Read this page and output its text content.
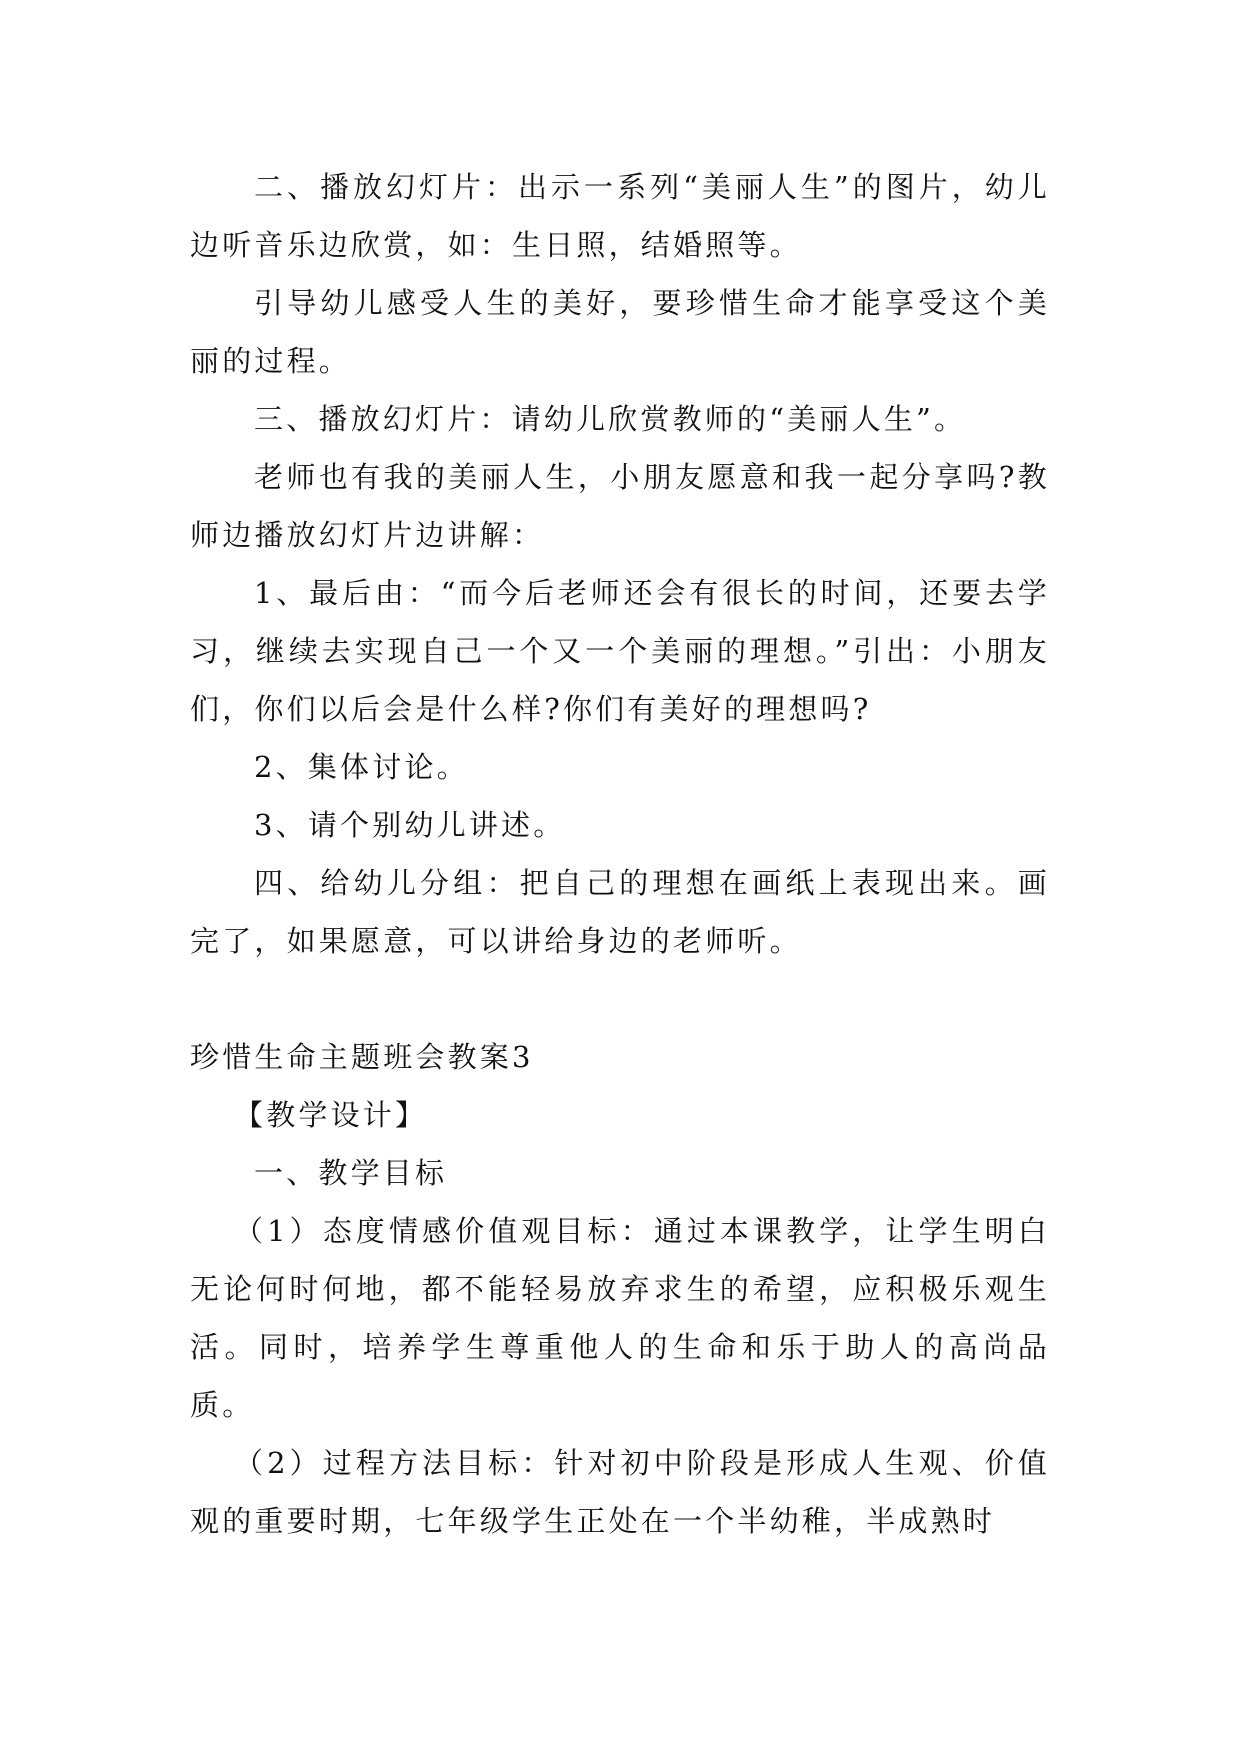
二、播放幻灯片：出示一系列“美丽人生”的图片，幼儿边听音乐边欣赏，如：生日照，结婚照等。

引导幼儿感受人生的美好，要珍惜生命才能享受这个美丽的过程。

三、播放幻灯片：请幼儿欣赏教师的“美丽人生”。

老师也有我的美丽人生，小朋友愿意和我一起分享吗?教师边播放幻灯片边讲解：

1、最后由：“而今后老师还会有很长的时间，还要去学习，继续去实现自己一个又一个美丽的理想。”引出：小朋友们，你们以后会是什么样?你们有美好的理想吗?

2、集体讨论。

3、请个别幼儿讲述。

四、给幼儿分组：把自己的理想在画纸上表现出来。画完了，如果愿意，可以讲给身边的老师听。

珍惜生命主题班会教案3

【教学设计】

一、教学目标

（1）态度情感价值观目标：通过本课教学，让学生明白无论何时何地，都不能轻易放弃求生的希望，应积极乐观生活。同时，培养学生尊重他人的生命和乐于助人的高尚品质。

（2）过程方法目标：针对初中阶段是形成人生观、价值观的重要时期，七年级学生正处在一个半幼稚，半成熟时
